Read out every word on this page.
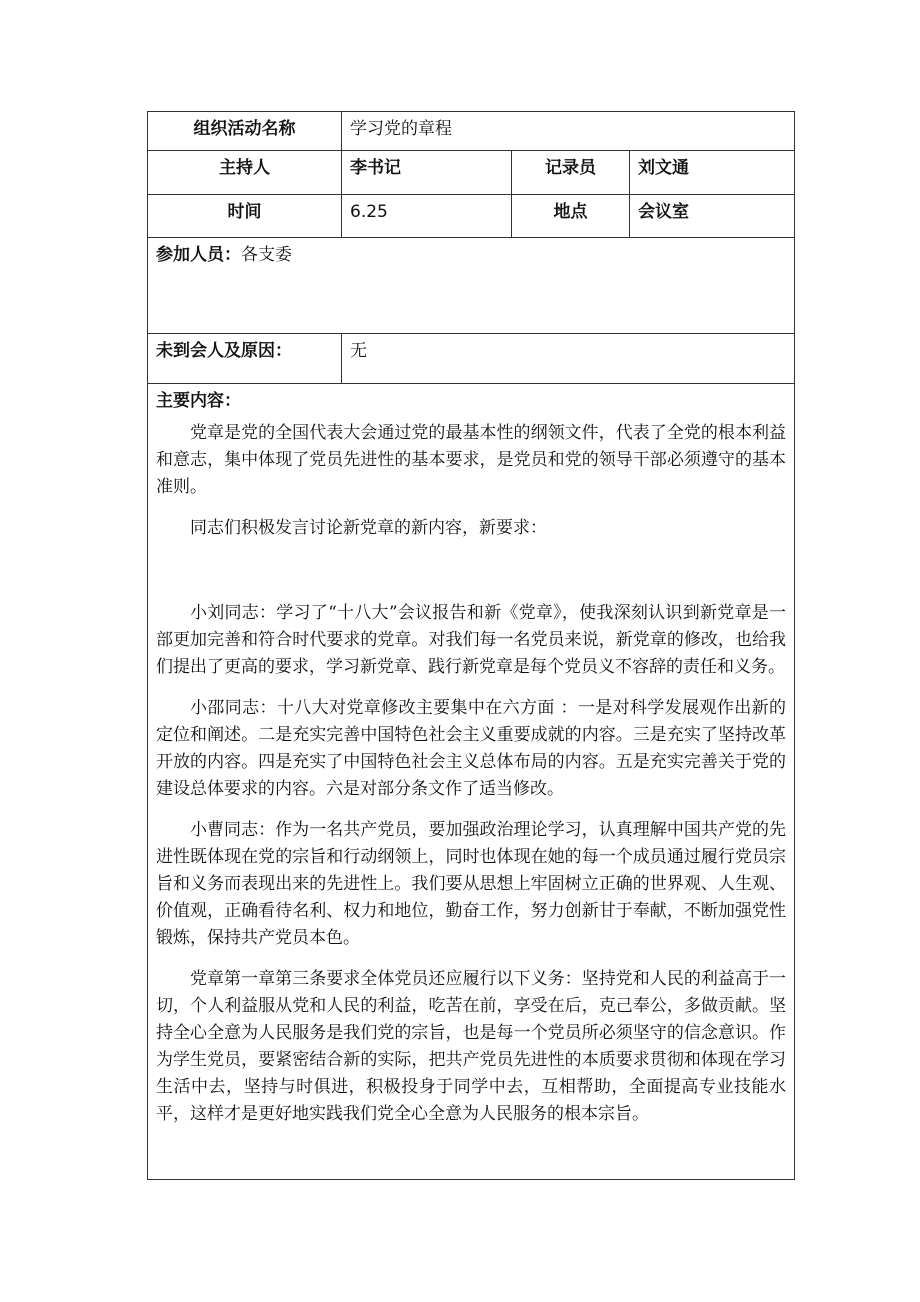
组织活动名称	学习党的章程
主持人	李书记	记录员	刘文通
时间	6.25	地点	会议室
参加人员：各支委
未到会人及原因：	无
主要内容：

党章是党的全国代表大会通过党的最基本性的纲领文件，代表了全党的根本利益和意志，集中体现了党员先进性的基本要求，是党员和党的领导干部必须遵守的基本准则。

同志们积极发言讨论新党章的新内容，新要求：

小刘同志：学习了“十八大”会议报告和新《党章》，使我深刻认识到新党章是一部更加完善和符合时代要求的党章。对我们每一名党员来说，新党章的修改，也给我们提出了更高的要求，学习新党章、践行新党章是每个党员义不容辞的责任和义务。

小邵同志：十八大对党章修改主要集中在六方面 ：一是对科学发展观作出新的定位和阐述。二是充实完善中国特色社会主义重要成就的内容。三是充实了坚持改革开放的内容。四是充实了中国特色社会主义总体布局的内容。五是充实完善关于党的建设总体要求的内容。六是对部分条文作了适当修改。

小曹同志：作为一名共产党员，要加强政治理论学习，认真理解中国共产党的先进性既体现在党的宗旨和行动纲领上，同时也体现在她的每一个成员通过履行党员宗旨和义务而表现出来的先进性上。我们要从思想上牢固树立正确的世界观、人生观、价值观，正确看待名利、权力和地位，勤奋工作，努力创新甘于奉献，不断加强党性锻炼，保持共产党员本色。

党章第一章第三条要求全体党员还应履行以下义务：坚持党和人民的利益高于一切，个人利益服从党和人民的利益，吃苦在前，享受在后，克己奉公，多做贡献。坚持全心全意为人民服务是我们党的宗旨，也是每一个党员所必须坚守的信念意识。作为学生党员，要紧密结合新的实际，把共产党员先进性的本质要求贯彻和体现在学习生活中去，坚持与时俱进，积极投身于同学中去，互相帮助，全面提高专业技能水平，这样才是更好地实践我们党全心全意为人民服务的根本宗旨。
